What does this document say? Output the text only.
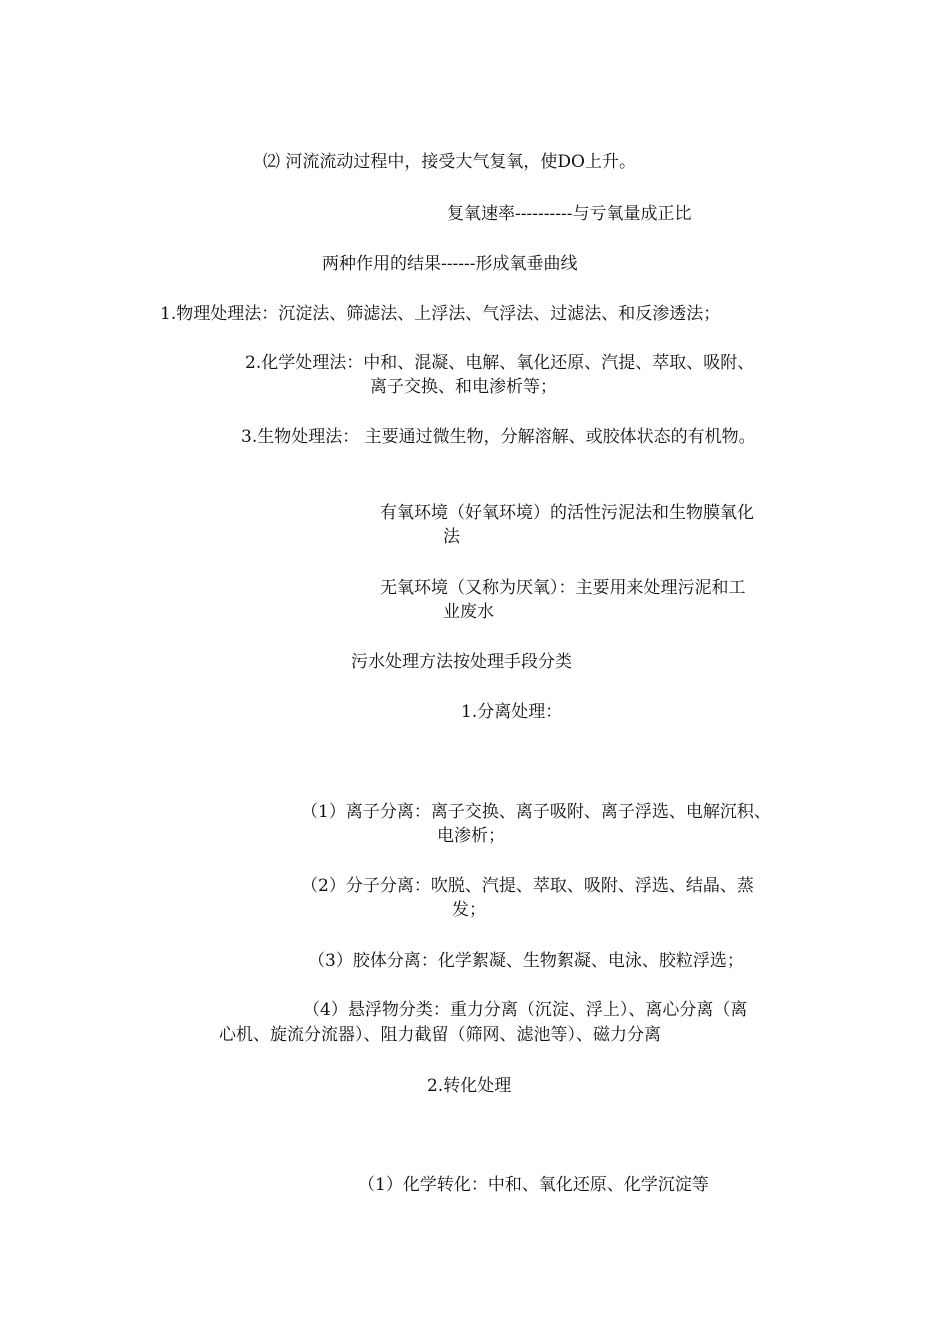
⑵ 河流流动过程中，接受大气复氧，使DO上升。
复氧速率----------与亏氧量成正比
两种作用的结果------形成氧垂曲线
1.物理处理法：沉淀法、筛滤法、上浮法、气浮法、过滤法、和反渗透法；
2.化学处理法：中和、混凝、电解、氧化还原、汽提、萃取、吸附、
离子交换、和电渗析等；
3.生物处理法： 主要通过微生物，分解溶解、或胶体状态的有机物。
有氧环境（好氧环境）的活性污泥法和生物膜氧化
法
无氧环境（又称为厌氧）：主要用来处理污泥和工
业废水
污水处理方法按处理手段分类
1.分离处理：
（1）离子分离：离子交换、离子吸附、离子浮选、电解沉积、
电渗析；
（2）分子分离：吹脱、汽提、萃取、吸附、浮选、结晶、蒸
发；
（3）胶体分离：化学絮凝、生物絮凝、电泳、胶粒浮选；
（4）悬浮物分类：重力分离（沉淀、浮上）、离心分离（离
心机、旋流分流器）、阻力截留（筛网、滤池等）、磁力分离
2.转化处理
（1）化学转化：中和、氧化还原、化学沉淀等
